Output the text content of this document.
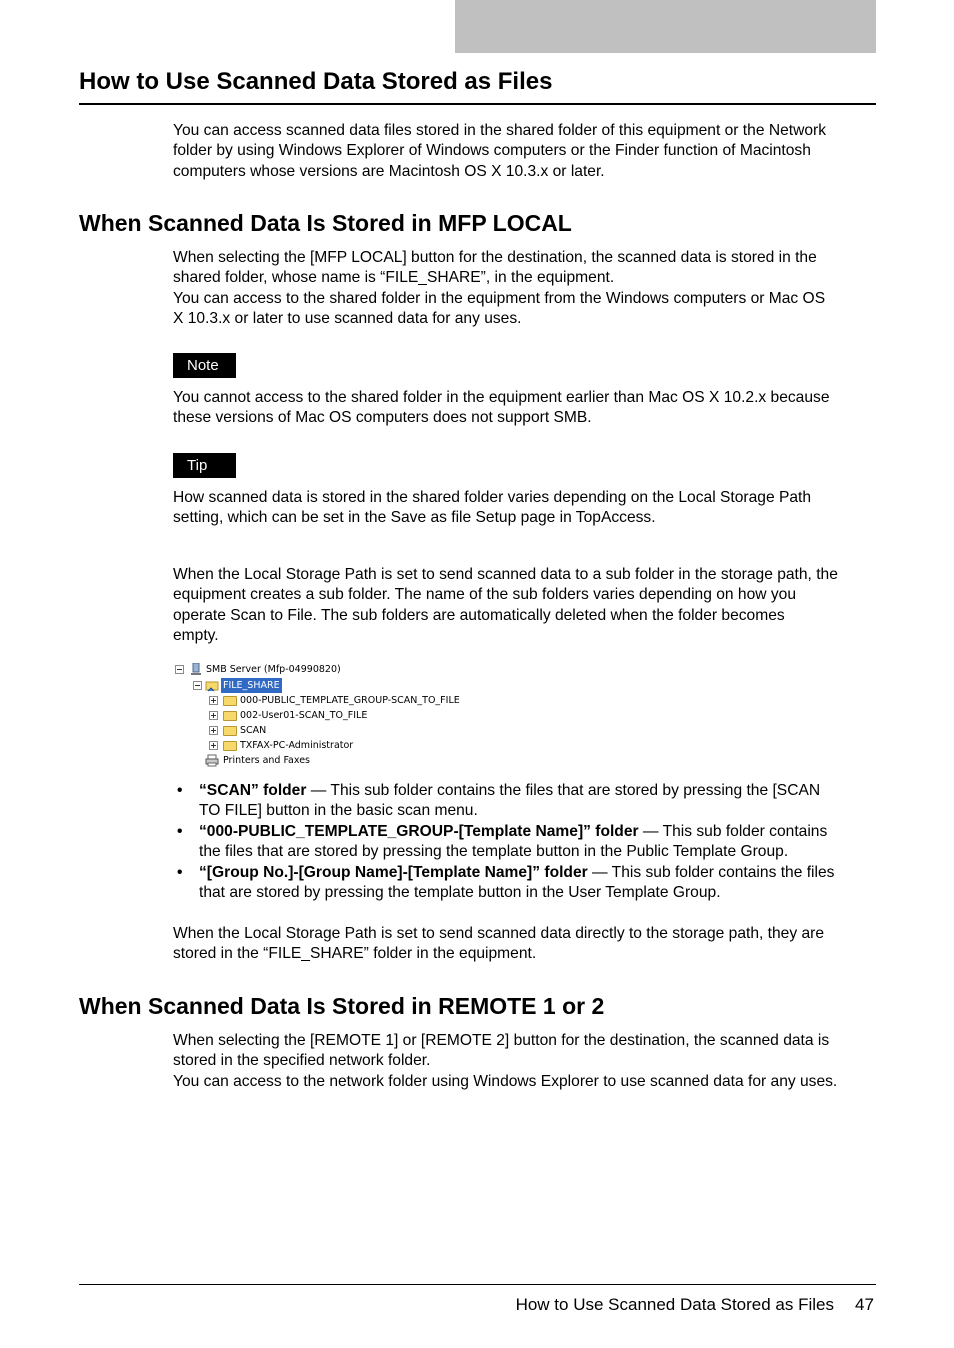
How to Use Scanned Data Stored as Files
You can access scanned data files stored in the shared folder of this equipment or the Network
folder by using Windows Explorer of Windows computers or the Finder function of Macintosh
computers whose versions are Macintosh OS X 10.3.x or later.
When Scanned Data Is Stored in MFP LOCAL
When selecting the [MFP LOCAL] button for the destination, the scanned data is stored in the
shared folder, whose name is “FILE_SHARE”, in the equipment.
You can access to the shared folder in the equipment from the Windows computers or Mac OS
X 10.3.x or later to use scanned data for any uses.
Note
You cannot access to the shared folder in the equipment earlier than Mac OS X 10.2.x because
these versions of Mac OS computers does not support SMB.
Tip
How scanned data is stored in the shared folder varies depending on the Local Storage Path
setting, which can be set in the Save as file Setup page in TopAccess.
When the Local Storage Path is set to send scanned data to a sub folder in the storage path, the
equipment creates a sub folder. The name of the sub folders varies depending on how you
operate Scan to File. The sub folders are automatically deleted when the folder becomes
empty.
SMB Server (Mfp-04990820)
FILE_SHARE
000-PUBLIC_TEMPLATE_GROUP-SCAN_TO_FILE
002-User01-SCAN_TO_FILE
SCAN
TXFAX-PC-Administrator
Printers and Faxes
• “SCAN” folder — This sub folder contains the files that are stored by pressing the [SCAN
TO FILE] button in the basic scan menu.
• “000-PUBLIC_TEMPLATE_GROUP-[Template Name]” folder — This sub folder contains
the files that are stored by pressing the template button in the Public Template Group.
• “[Group No.]-[Group Name]-[Template Name]” folder — This sub folder contains the files
that are stored by pressing the template button in the User Template Group.
When the Local Storage Path is set to send scanned data directly to the storage path, they are
stored in the “FILE_SHARE” folder in the equipment.
When Scanned Data Is Stored in REMOTE 1 or 2
When selecting the [REMOTE 1] or [REMOTE 2] button for the destination, the scanned data is
stored in the specified network folder.
You can access to the network folder using Windows Explorer to use scanned data for any uses.
How to Use Scanned Data Stored as Files 47
